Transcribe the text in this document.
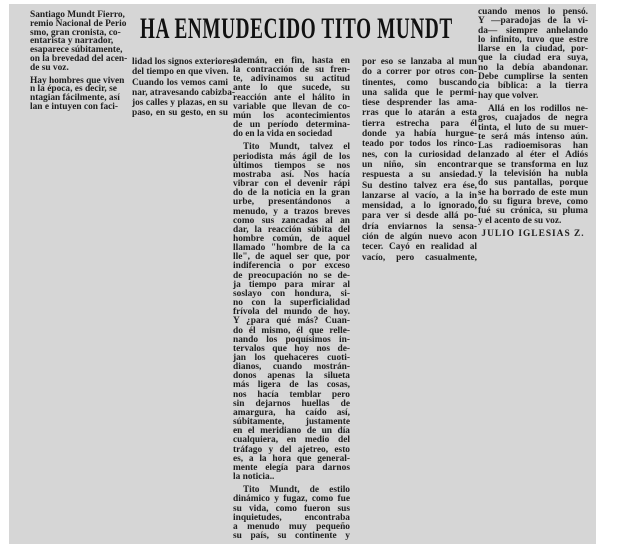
HA ENMUDECIDO TITO MUNDT
Santiago Mundt Fierro,
remio Nacional de Perio
smo, gran cronista, co-
entarista y narrador,
esaparece súbitamente,
on la brevedad del acen-
de su voz.
Hay hombres que viven
n la época, es decir, se
ntagian fácilmente, así
lan e intuyen con faci-
lidad los signos exteriores
del tiempo en que viven.
Cuando los vemos cami
nar, atravesando cabizba-
jos calles y plazas, en su
paso, en su gesto, en su
ademán, en fin, hasta en
la contracción de su fren-
te, adivinamos su actitud
ante lo que sucede, su
reacción ante el hálito in
variable que llevan de co-
mún los acontecimientos
de un período determina-
do en la vida en sociedad
Tito Mundt, talvez el
periodista más ágil de los
últimos tiempos se nos
mostraba así. Nos hacía
vibrar con el devenir rápi
do de la noticia en la gran
urbe, presentándonos a
menudo, y a trazos breves
como sus zancadas al an
dar, la reacción súbita del
hombre común, de aquel
llamado "hombre de la ca
lle", de aquel ser que, por
indiferencia o por exceso
de preocupación no se de-
ja tiempo para mirar al
soslayo con hondura, si-
no con la superficialidad
frívola del mundo de hoy.
Y ¿para qué más? Cuan-
do él mismo, él que relle-
nando los poquísimos in-
tervalos que hoy nos de-
jan los quehaceres cuoti-
dianos, cuando mostrán-
donos apenas la silueta
más ligera de las cosas,
nos hacía temblar pero
sin dejarnos huellas de
amargura, ha caído así,
súbitamente, justamente
en el meridiano de un día
cualquiera, en medio del
tráfago y del ajetreo, esto
es, a la hora que general-
mente elegía para darnos
la noticia..
Tito Mundt, de estilo
dinámico y fugaz, como fue
su vida, como fueron sus
inquietudes, encontraba
a menudo muy pequeño
su país, su continente y
por eso se lanzaba al mun
do a correr por otros con-
tinentes, como buscando
una salida que le permi-
tiese desprender las ama-
rras que lo atarán a esta
tierra estrecha para él
donde ya había hurgue-
teado por todos los rinco-
nes, con la curiosidad de
un niño, sin encontrar
respuesta a su ansiedad.
Su destino talvez era ése,
lanzarse al vacío, a la in
mensidad, a lo ignorado,
para ver si desde allá po-
dría enviarnos la sensa-
ción de algún nuevo acon
tecer. Cayó en realidad al
vacío, pero casualmente,
cuando menos lo pensó.
Y —paradojas de la vi-
da— siempre anhelando
lo infinito, tuvo que estre
llarse en la ciudad, por-
que la ciudad era suya,
no la debía abandonar.
Debe cumplirse la senten
cia bíblica: a la tierra
hay que volver.
Allá en los rodillos ne-
gros, cuajados de negra
tinta, el luto de su muer-
te será más intenso aún.
Las radioemisoras han
lanzado al éter el Adiós
que se transforma en luz
y la televisión ha nubla
do sus pantallas, porque
se ha borrado de este mun
do su figura breve, como
fué su crónica, su pluma
y el acento de su voz.
JULIO IGLESIAS Z.
